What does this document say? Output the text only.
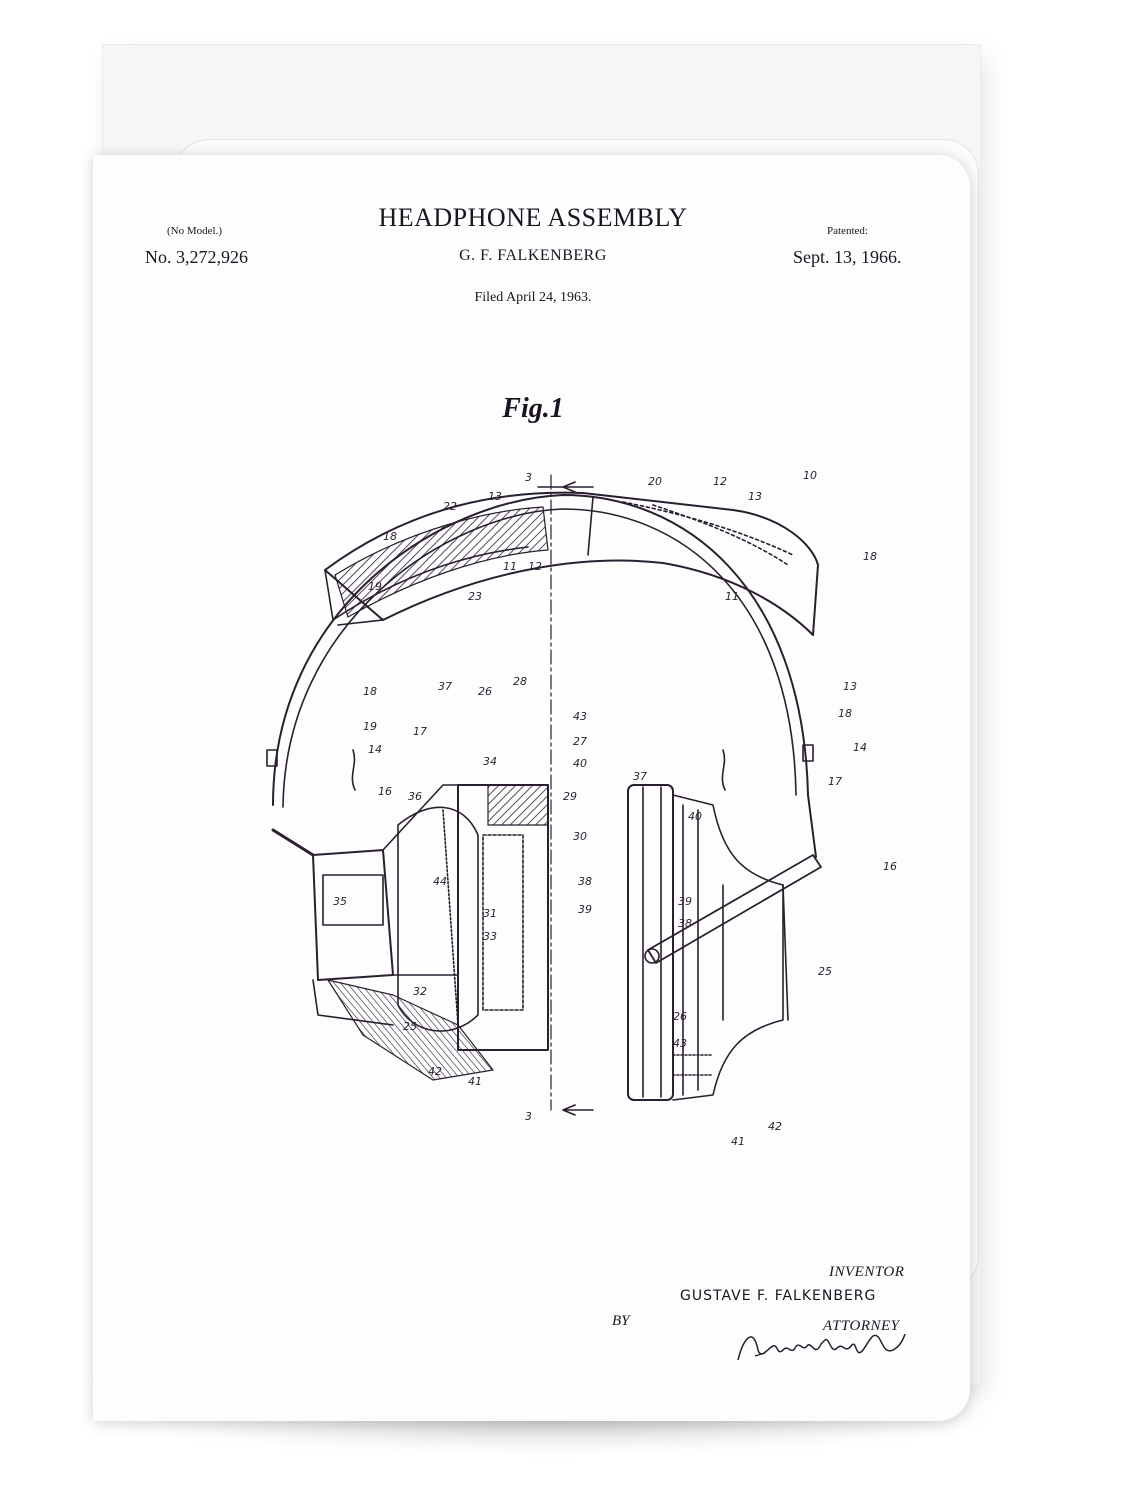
HEADPHONE ASSEMBLY
(No Model.)
No. 3,272,926	G. F. FALKENBERG
Patented:
Sept. 13, 1966.
Filed April 24, 1963.
Fig.1
3
3
10
20	12
13
11
18
13
18
14
17
16
25
37
40
39
38
26
43
41
42
22
13
11 12
18
19
23
18
19
14
17
16 36
34
37 26
28
43
27
40
29
30
38
39
44
31
33
35
32
25
42
41
INVENTOR
GUSTAVE F. FALKENBERG
BY	ATTORNEY
